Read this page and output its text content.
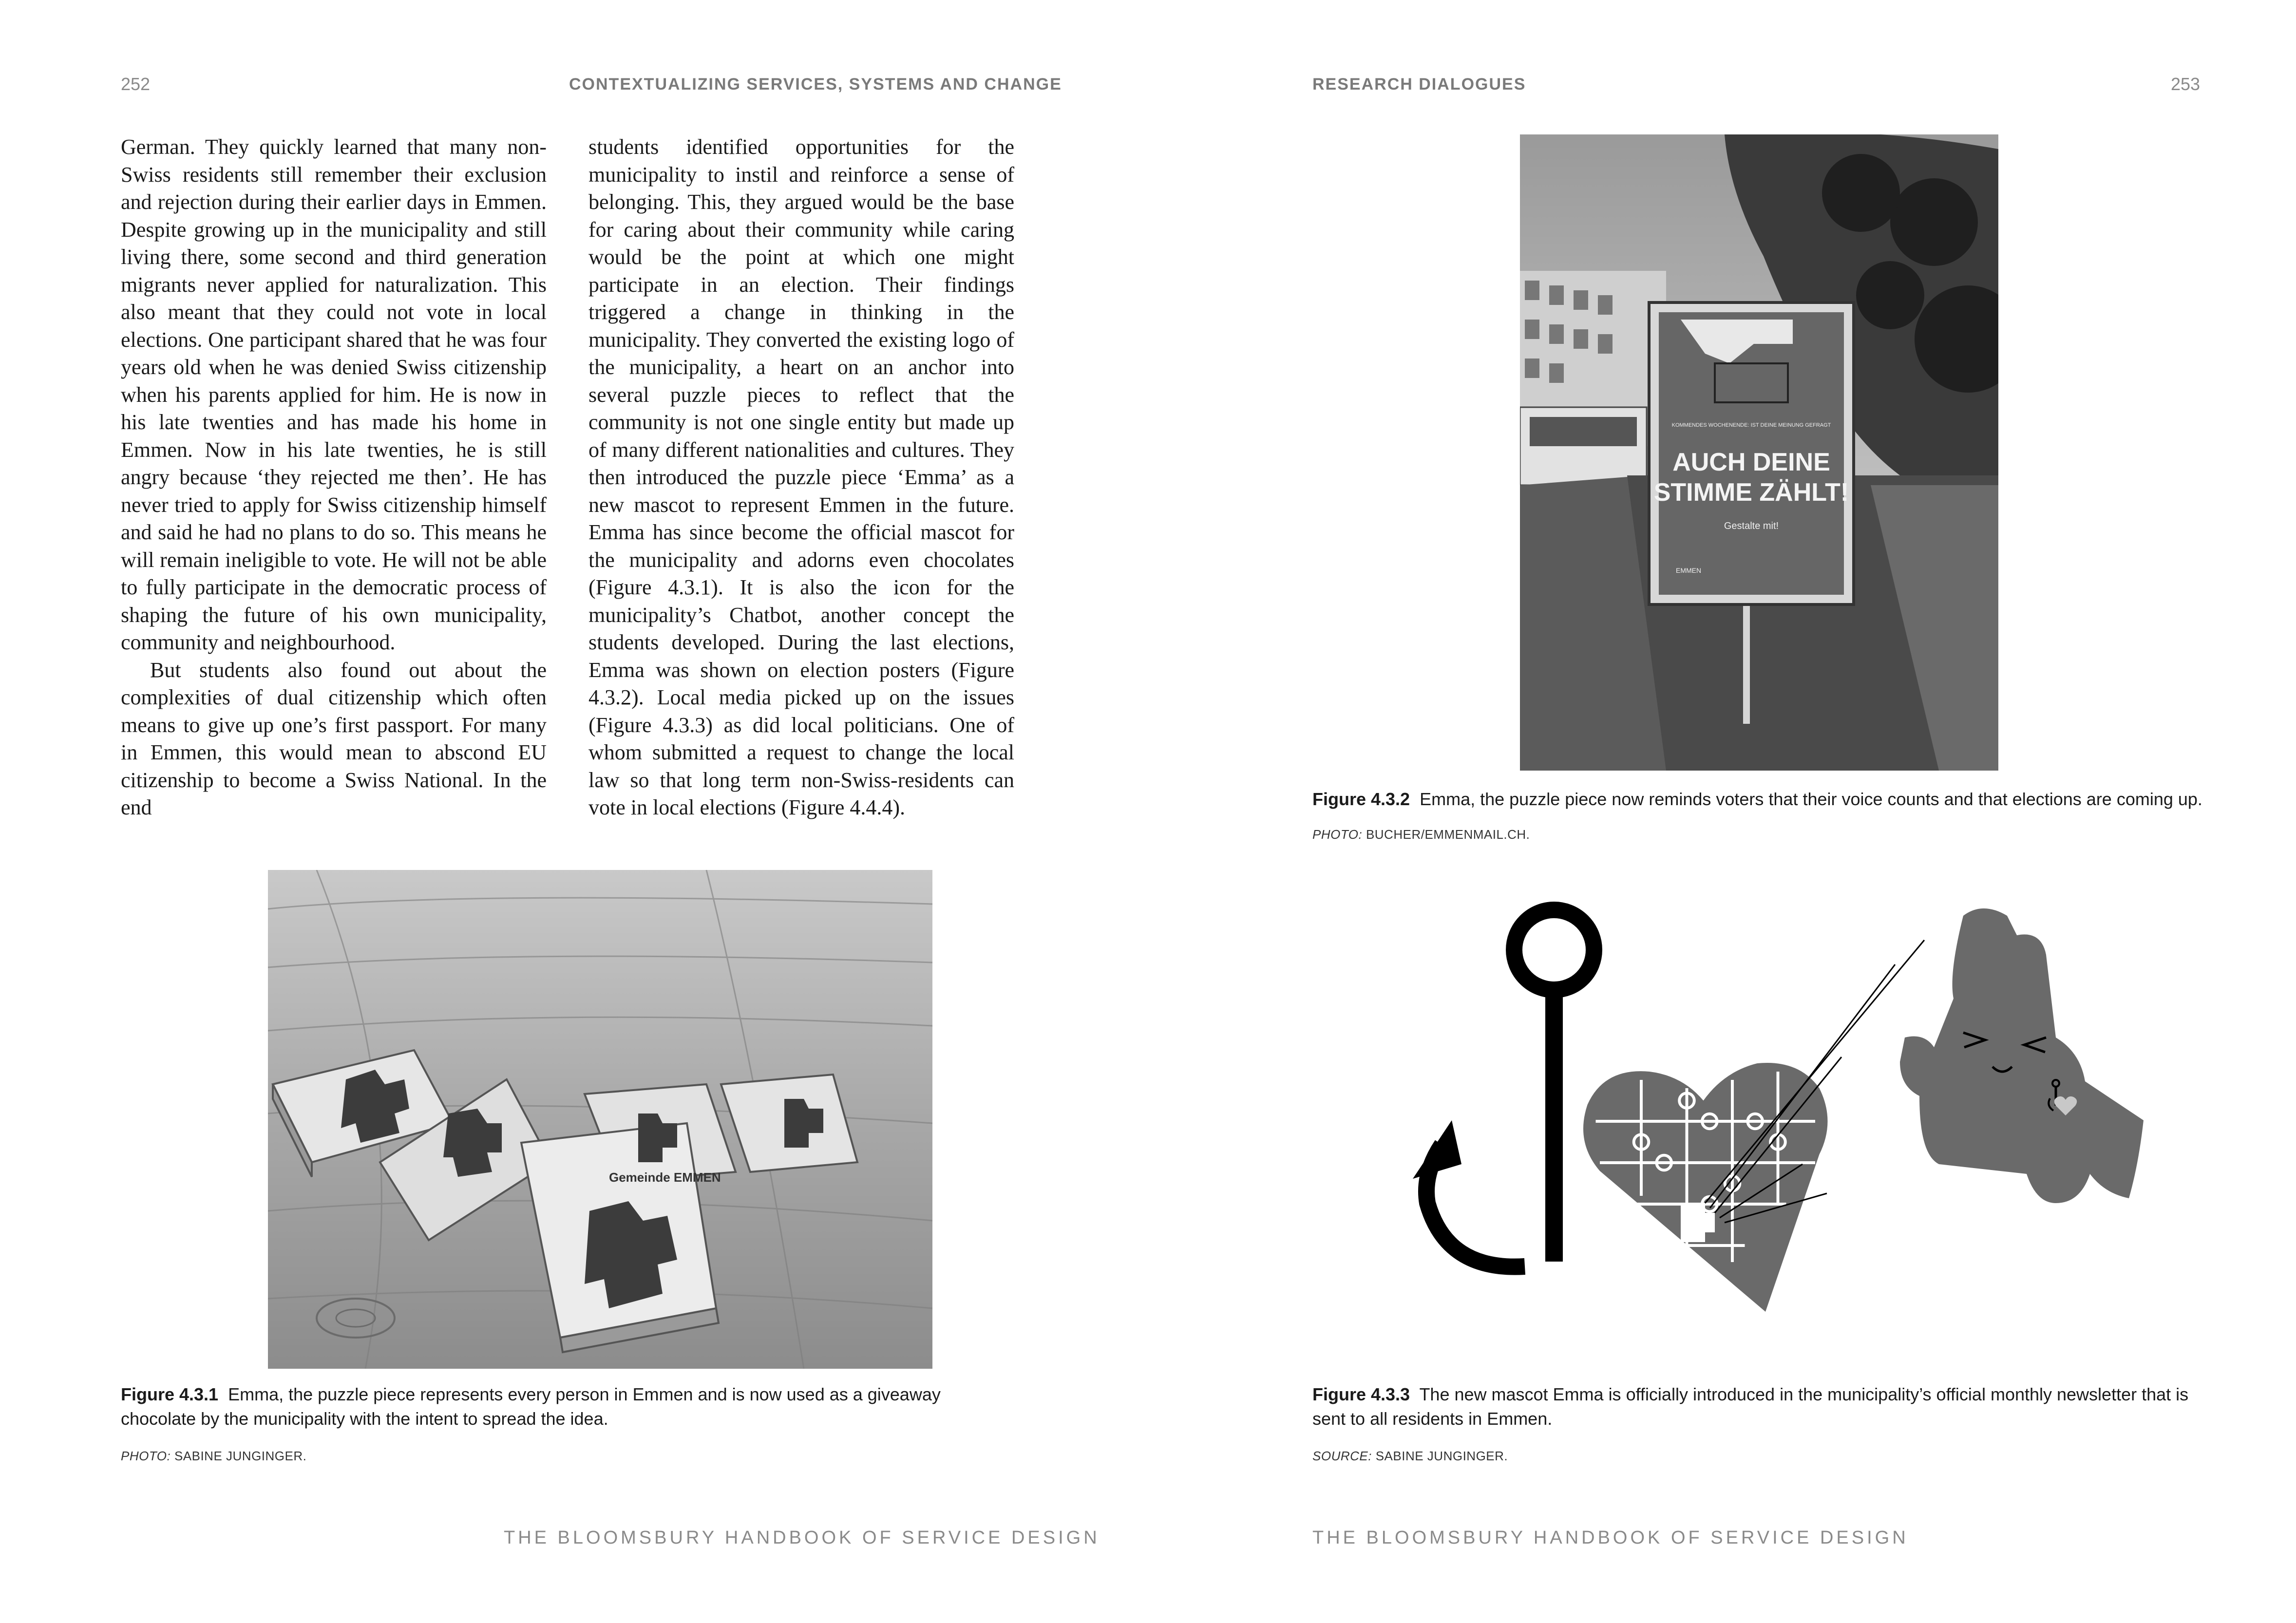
252	CONTEXTUALIZING SERVICES, SYSTEMS AND CHANGE

German. They quickly learned that many non-Swiss residents still remember their exclusion and rejection during their earlier days in Emmen. Despite growing up in the municipality and still living there, some second and third generation migrants never applied for naturalization. This also meant that they could not vote in local elections. One participant shared that he was four years old when he was denied Swiss citizenship when his parents applied for him. He is now in his late twenties and has made his home in Emmen. Now in his late twenties, he is still angry because ‘they rejected me then’. He has never tried to apply for Swiss citizenship himself and said he had no plans to do so. This means he will remain ineligible to vote. He will not be able to fully participate in the democratic process of shaping the future of his own municipality, community and neighbourhood.

But students also found out about the complexities of dual citizenship which often means to give up one’s first passport. For many in Emmen, this would mean to abscond EU citizenship to become a Swiss National. In the end

students identified opportunities for the municipality to instil and reinforce a sense of belonging. This, they argued would be the base for caring about their community while caring would be the point at which one might participate in an election. Their findings triggered a change in thinking in the municipality. They converted the existing logo of the municipality, a heart on an anchor into several puzzle pieces to reflect that the community is not one single entity but made up of many different nationalities and cultures. They then introduced the puzzle piece ‘Emma’ as a new mascot to represent Emmen in the future. Emma has since become the official mascot for the municipality and adorns even chocolates (Figure 4.3.1). It is also the icon for the municipality’s Chatbot, another concept the students developed. During the last elections, Emma was shown on election posters (Figure 4.3.2). Local media picked up on the issues (Figure 4.3.3) as did local politicians. One of whom submitted a request to change the local law so that long term non-Swiss-residents can vote in local elections (Figure 4.4.4).

Gemeinde EMMEN
Figure 4.3.1 Emma, the puzzle piece represents every person in Emmen and is now used as a giveaway chocolate by the municipality with the intent to spread the idea.
PHOTO: SABINE JUNGINGER.
THE BLOOMSBURY HANDBOOK OF SERVICE DESIGN
RESEARCH DIALOGUES	253
KOMMENDES WOCHENENDE: IST DEINE MEINUNG GEFRAGT
AUCH DEINE
STIMME ZÄHLT!
Gestalte mit!
EMMEN
Figure 4.3.2 Emma, the puzzle piece now reminds voters that their voice counts and that elections are coming up.
PHOTO: BUCHER/EMMENMAIL.CH.
Figure 4.3.3 The new mascot Emma is officially introduced in the municipality’s official monthly newsletter that is sent to all residents in Emmen.
SOURCE: SABINE JUNGINGER.
THE BLOOMSBURY HANDBOOK OF SERVICE DESIGN
